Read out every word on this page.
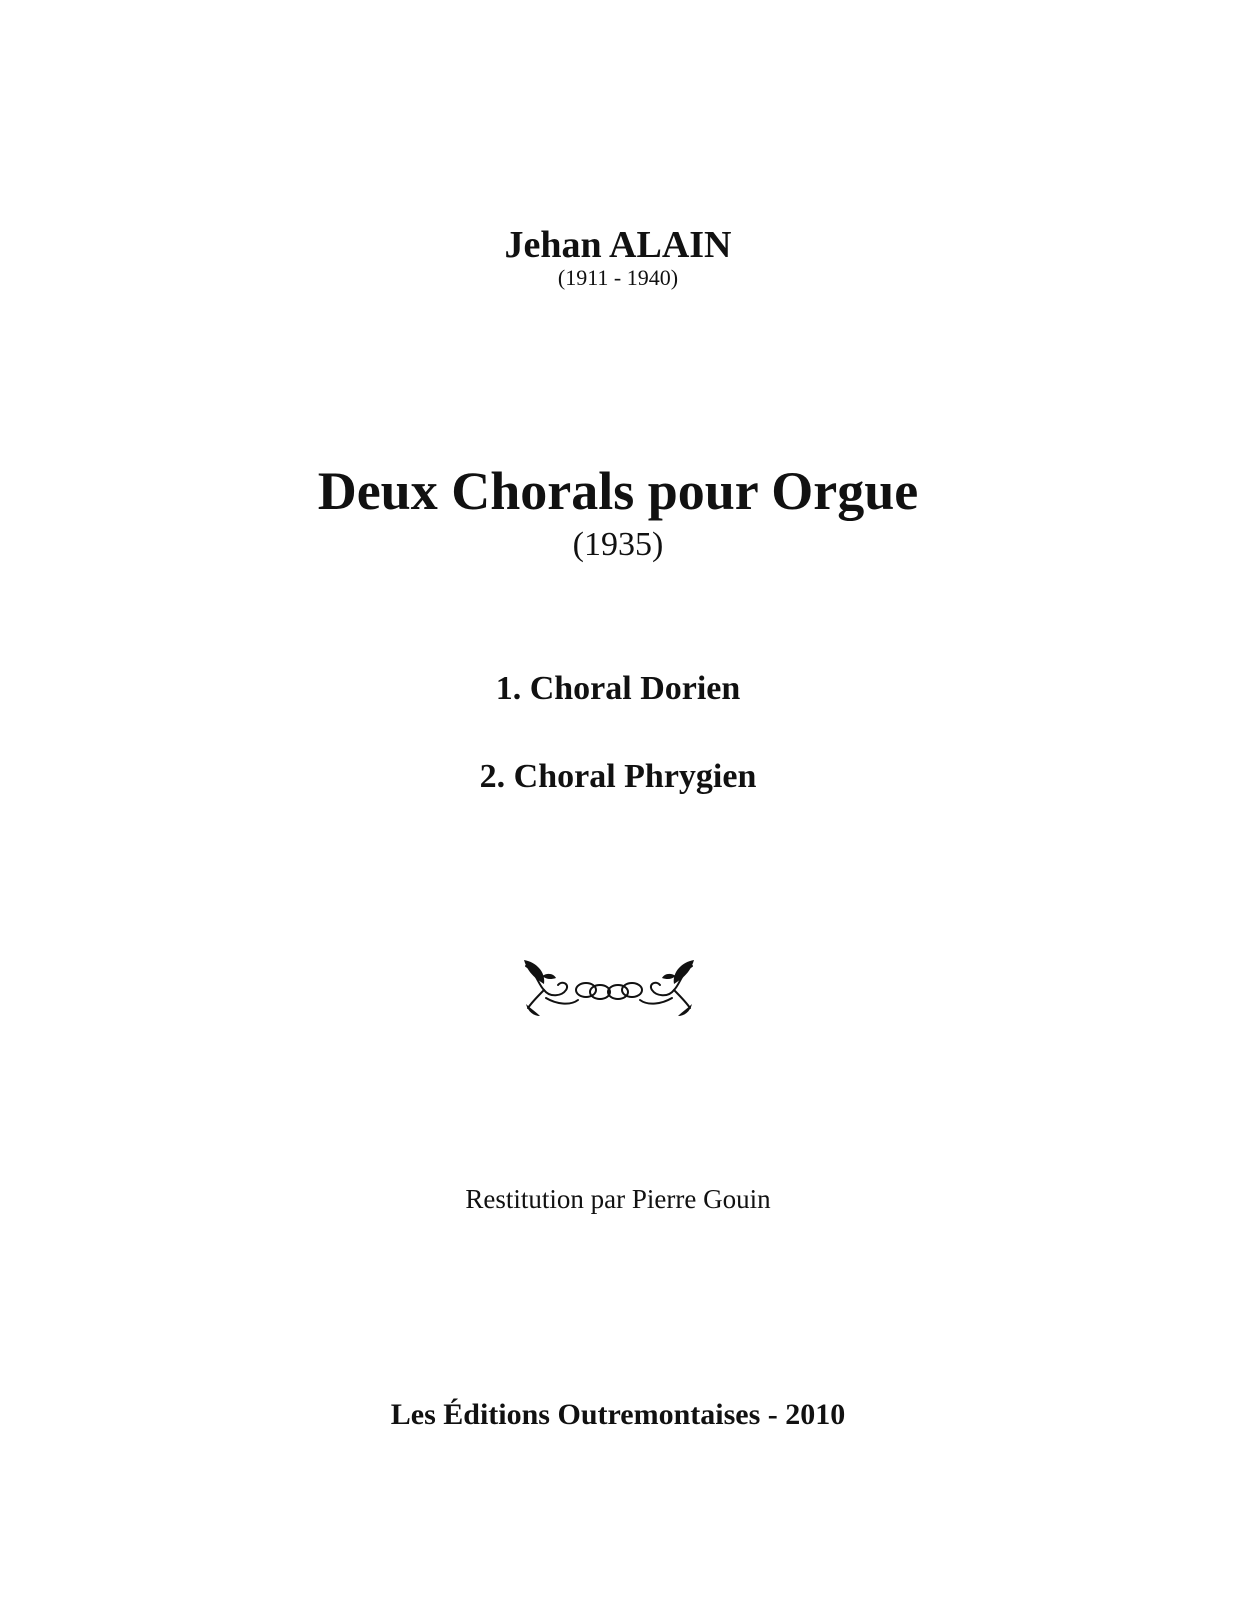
Jehan ALAIN
(1911 - 1940)
Deux Chorals pour Orgue
(1935)
1. Choral Dorien
2. Choral Phrygien
Restitution par Pierre Gouin
Les Éditions Outremontaises - 2010
